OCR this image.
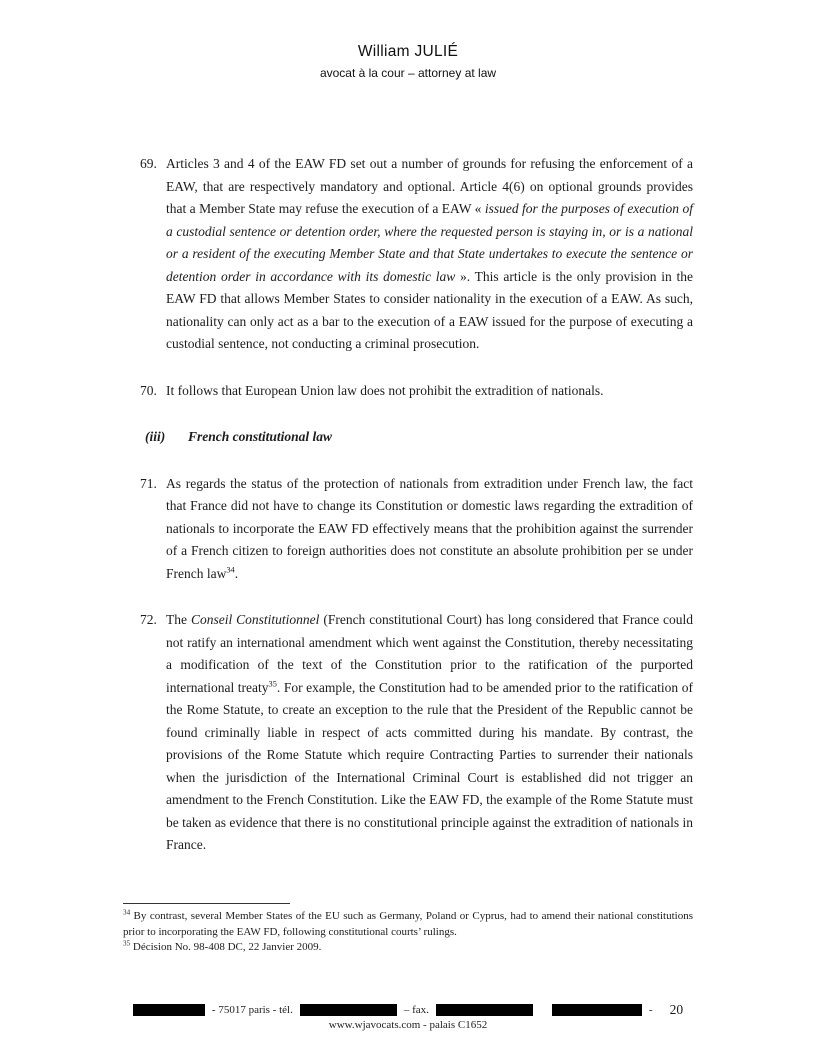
William JULIÉ
avocat à la cour – attorney at law
69. Articles 3 and 4 of the EAW FD set out a number of grounds for refusing the enforcement of a EAW, that are respectively mandatory and optional. Article 4(6) on optional grounds provides that a Member State may refuse the execution of a EAW « issued for the purposes of execution of a custodial sentence or detention order, where the requested person is staying in, or is a national or a resident of the executing Member State and that State undertakes to execute the sentence or detention order in accordance with its domestic law ». This article is the only provision in the EAW FD that allows Member States to consider nationality in the execution of a EAW. As such, nationality can only act as a bar to the execution of a EAW issued for the purpose of executing a custodial sentence, not conducting a criminal prosecution.

70. It follows that European Union law does not prohibit the extradition of nationals.

(iii)	French constitutional law
71. As regards the status of the protection of nationals from extradition under French law, the fact that France did not have to change its Constitution or domestic laws regarding the extradition of nationals to incorporate the EAW FD effectively means that the prohibition against the surrender of a French citizen to foreign authorities does not constitute an absolute prohibition per se under French law$^{34}$.

72. The Conseil Constitutionnel (French constitutional Court) has long considered that France could not ratify an international amendment which went against the Constitution, thereby necessitating a modification of the text of the Constitution prior to the ratification of the purported international treaty$^{35}$. For example, the Constitution had to be amended prior to the ratification of the Rome Statute, to create an exception to the rule that the President of the Republic cannot be found criminally liable in respect of acts committed during his mandate. By contrast, the provisions of the Rome Statute which require Contracting Parties to surrender their nationals when the jurisdiction of the International Criminal Court is established did not trigger an amendment to the French Constitution. Like the EAW FD, the example of the Rome Statute must be taken as evidence that there is no constitutional principle against the extradition of nationals in France.

$^{34}$ By contrast, several Member States of the EU such as Germany, Poland or Cyprus, had to amend their national constitutions prior to incorporating the EAW FD, following constitutional courts’ rulings.

$^{35}$ Décision No. 98-408 DC, 22 Janvier 2009.

- 75017 paris - tél.	– fax.	- 20
www.wjavocats.com - palais C1652
